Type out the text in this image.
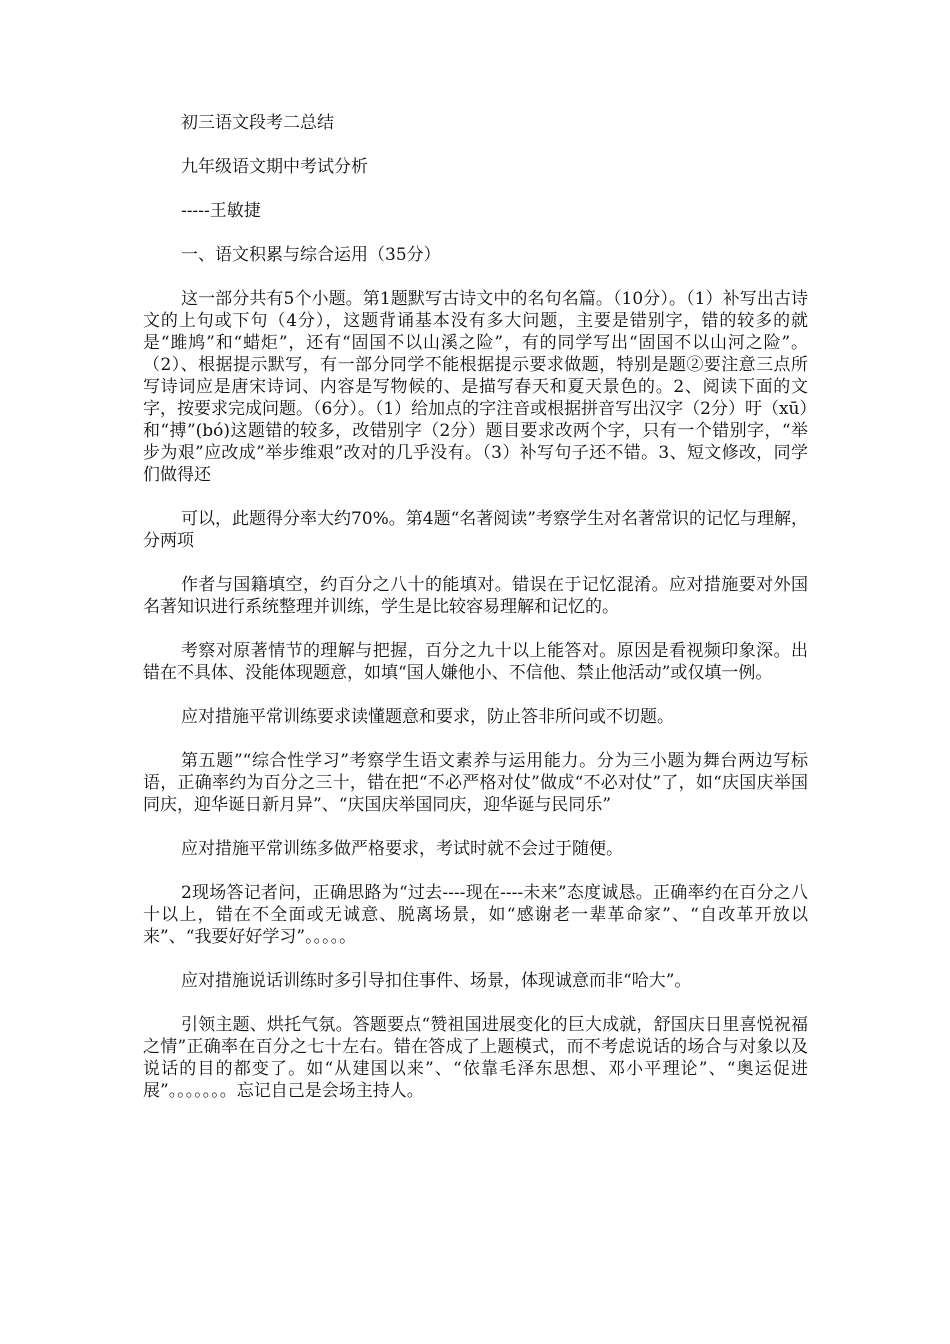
初三语文段考二总结

九年级语文期中考试分析

-----王敏捷

一、语文积累与综合运用（35分）

这一部分共有5个小题。第1题默写古诗文中的名句名篇。（10分）。（1）补写出古诗文的上句或下句（4分），这题背诵基本没有多大问题，主要是错别字，错的较多的就是“雎鸠”和“蜡炬”，还有“固国不以山溪之险”，有的同学写出“固国不以山河之险”。（2）、根据提示默写，有一部分同学不能根据提示要求做题，特别是题②要注意三点所写诗词应是唐宋诗词、内容是写物候的、是描写春天和夏天景色的。2、阅读下面的文字，按要求完成问题。（6分）。（1）给加点的字注音或根据拼音写出汉字（2分）吁（xū）和“搏”(bó)这题错的较多，改错别字（2分）题目要求改两个字，只有一个错别字，“举步为艰”应改成”举步维艰”改对的几乎没有。（3）补写句子还不错。3、短文修改，同学们做得还

可以，此题得分率大约70%。第4题“名著阅读”考察学生对名著常识的记忆与理解，分两项

作者与国籍填空，约百分之八十的能填对。错误在于记忆混淆。应对措施要对外国名著知识进行系统整理并训练，学生是比较容易理解和记忆的。

考察对原著情节的理解与把握，百分之九十以上能答对。原因是看视频印象深。出错在不具体、没能体现题意，如填“国人嫌他小、不信他、禁止他活动”或仅填一例。

应对措施平常训练要求读懂题意和要求，防止答非所问或不切题。

第五题”“综合性学习”考察学生语文素养与运用能力。分为三小题为舞台两边写标语，正确率约为百分之三十，错在把“不必严格对仗”做成“不必对仗”了，如“庆国庆举国同庆，迎华诞日新月异”、“庆国庆举国同庆，迎华诞与民同乐”

应对措施平常训练多做严格要求，考试时就不会过于随便。

2现场答记者问，正确思路为“过去----现在----未来”态度诚恳。正确率约在百分之八十以上，错在不全面或无诚意、脱离场景，如“感谢老一辈革命家”、“自改革开放以来”、“我要好好学习”。。。。。

应对措施说话训练时多引导扣住事件、场景，体现诚意而非“哈大”。

引领主题、烘托气氛。答题要点“赞祖国进展变化的巨大成就，舒国庆日里喜悦祝福之情”正确率在百分之七十左右。错在答成了上题模式，而不考虑说话的场合与对象以及说话的目的都变了。如“从建国以来”、“依靠毛泽东思想、邓小平理论”、“奥运促进展”。。。。。。。忘记自己是会场主持人。
